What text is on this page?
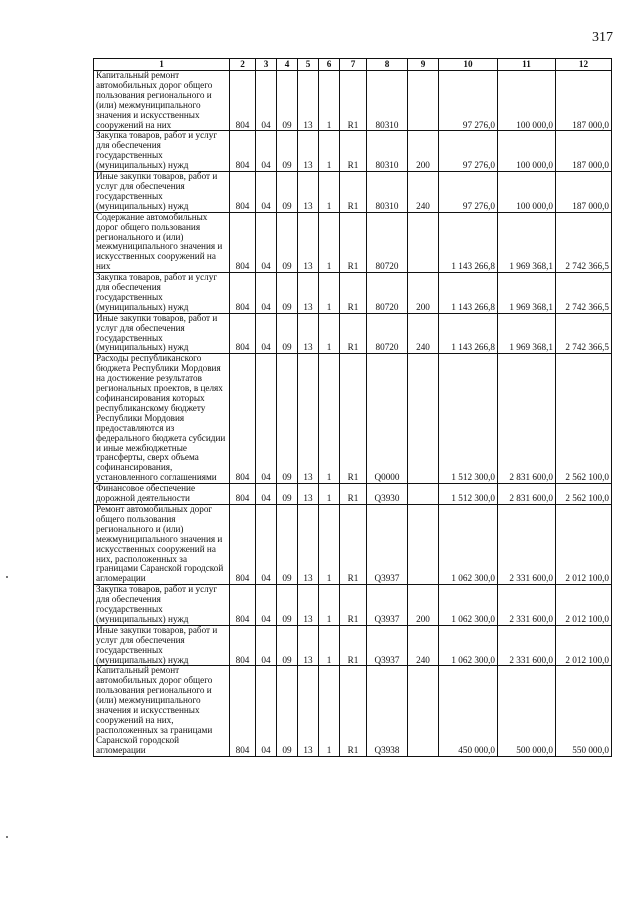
317
1	2	3	4	5	6	7	8	9	10	11	12
Капитальный ремонт автомобильных дорог общего пользования регионального и (или) межмуниципального значения и искусственных сооружений на них	804	04	09	13	1	R1	80310		97 276,0	100 000,0	187 000,0
Закупка товаров, работ и услуг для обеспечения государственных (муниципальных) нужд	804	04	09	13	1	R1	80310	200	97 276,0	100 000,0	187 000,0
Иные закупки товаров, работ и услуг для обеспечения государственных (муниципальных) нужд	804	04	09	13	1	R1	80310	240	97 276,0	100 000,0	187 000,0
Содержание автомобильных дорог общего пользования регионального и (или) межмуниципального значения и искусственных сооружений на них	804	04	09	13	1	R1	80720		1 143 266,8	1 969 368,1	2 742 366,5
Закупка товаров, работ и услуг для обеспечения государственных (муниципальных) нужд	804	04	09	13	1	R1	80720	200	1 143 266,8	1 969 368,1	2 742 366,5
Иные закупки товаров, работ и услуг для обеспечения государственных (муниципальных) нужд	804	04	09	13	1	R1	80720	240	1 143 266,8	1 969 368,1	2 742 366,5
Расходы республиканского бюджета Республики Мордовия на достижение результатов региональных проектов, в целях софинансирования которых республиканскому бюджету Республики Мордовия предоставляются из федерального бюджета субсидии и иные межбюджетные трансферты, сверх объема софинансирования, установленного соглашениями	804	04	09	13	1	R1	Q0000		1 512 300,0	2 831 600,0	2 562 100,0
Финансовое обеспечение дорожной деятельности	804	04	09	13	1	R1	Q3930		1 512 300,0	2 831 600,0	2 562 100,0
Ремонт автомобильных дорог общего пользования регионального и (или) межмуниципального значения и искусственных сооружений на них, расположенных за границами Саранской городской агломерации	804	04	09	13	1	R1	Q3937		1 062 300,0	2 331 600,0	2 012 100,0
Закупка товаров, работ и услуг для обеспечения государственных (муниципальных) нужд	804	04	09	13	1	R1	Q3937	200	1 062 300,0	2 331 600,0	2 012 100,0
Иные закупки товаров, работ и услуг для обеспечения государственных (муниципальных) нужд	804	04	09	13	1	R1	Q3937	240	1 062 300,0	2 331 600,0	2 012 100,0
Капитальный ремонт автомобильных дорог общего пользования регионального и (или) межмуниципального значения и искусственных сооружений на них, расположенных за границами Саранской городской агломерации	804	04	09	13	1	R1	Q3938		450 000,0	500 000,0	550 000,0
